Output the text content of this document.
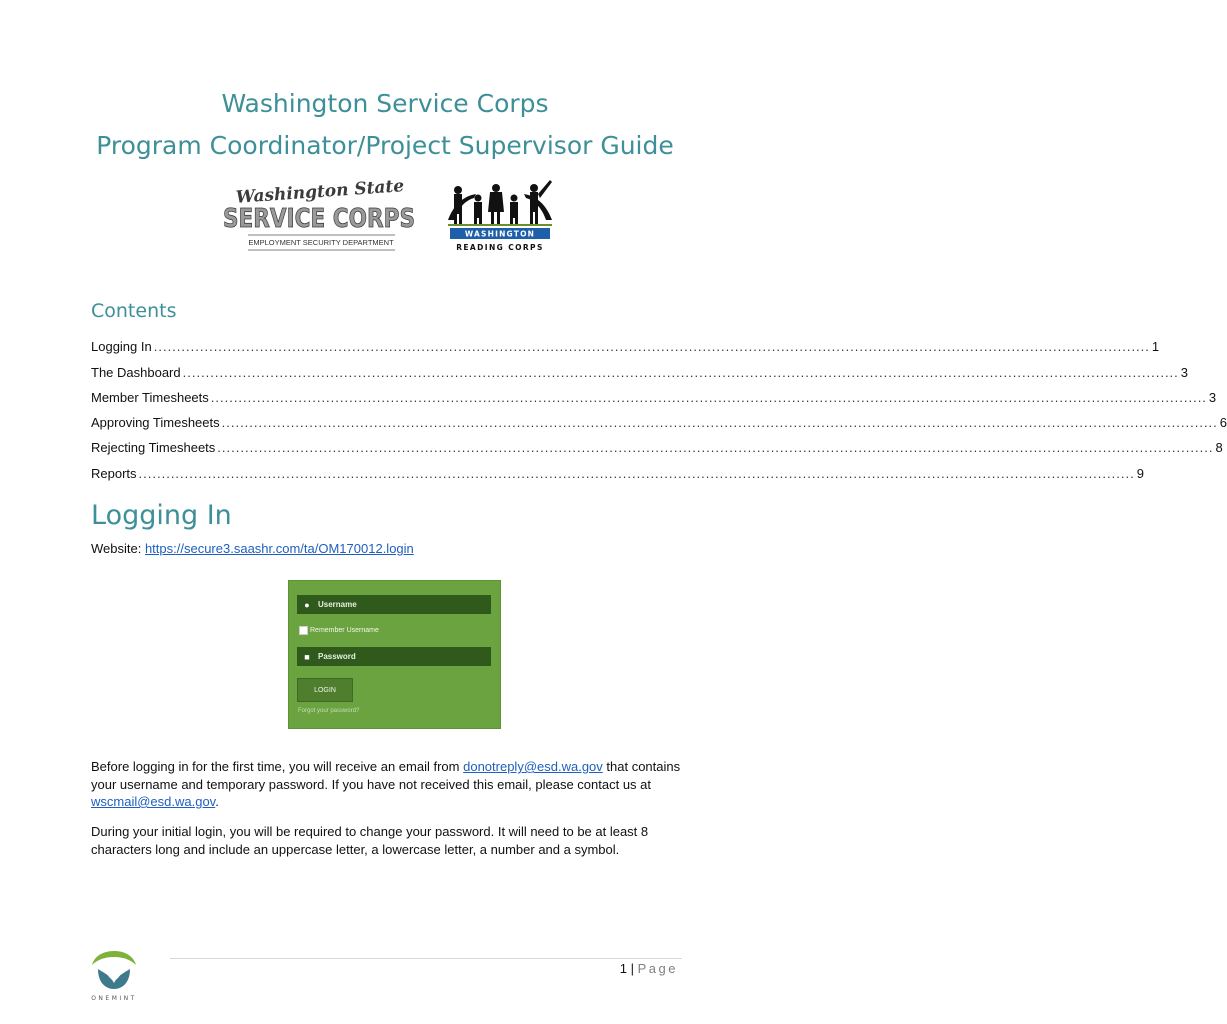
Washington Service Corps
Program Coordinator/Project Supervisor Guide
Washington State
SERVICE CORPS
EMPLOYMENT SECURITY DEPARTMENT
WASHINGTON
READING CORPS
Contents
Logging In .....	1
The Dashboard .....	3
Member Timesheets .....	3
Approving Timesheets .....	6
Rejecting Timesheets .....	8
Reports .....	9
Logging In
Website: https://secure3.saashr.com/ta/OM170012.login
●	Username
Remember Username
■	Password
LOGIN
Forgot your password?
Before logging in for the first time, you will receive an email from donotreply@esd.wa.gov that contains your username and temporary password. If you have not received this email, please contact us at wscmail@esd.wa.gov.
During your initial login, you will be required to change your password. It will need to be at least 8 characters long and include an uppercase letter, a lowercase letter, a number and a symbol.
1 | Page
ONEMINT
